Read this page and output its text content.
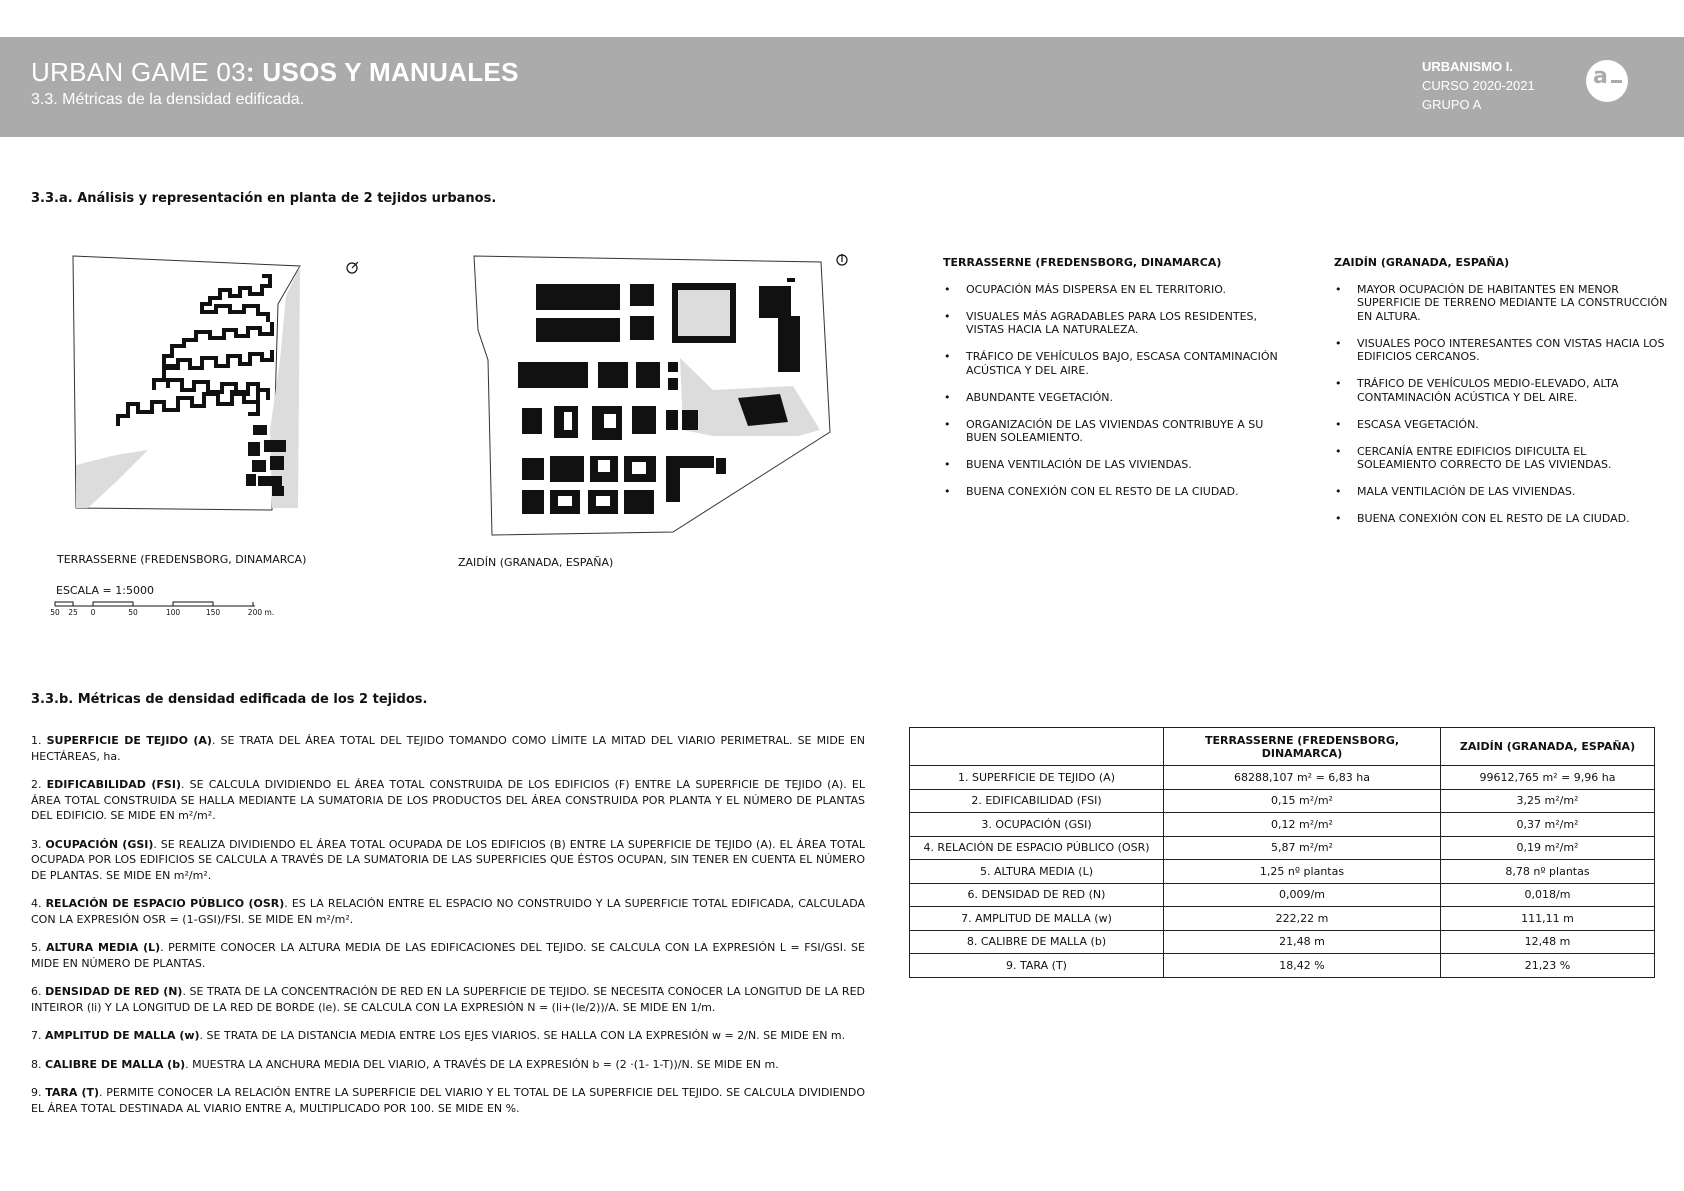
URBAN GAME 03: USOS Y MANUALES
3.3. Métricas de la densidad edificada.
URBANISMO I.
CURSO 2020-2021
GRUPO A
a
3.3.a. Análisis y representación en planta de 2 tejidos urbanos.
TERRASSERNE (FREDENSBORG, DINAMARCA)	ZAIDÍN (GRANADA, ESPAÑA)
ESCALA = 1:5000
50 25 0	50	100	150	200 m.
TERRASSERNE (FREDENSBORG, DINAMARCA)
• OCUPACIÓN MÁS DISPERSA EN EL TERRITORIO.
• VISUALES MÁS AGRADABLES PARA LOS RESIDENTES, VISTAS HACIA LA NATURALEZA.
• TRÁFICO DE VEHÍCULOS BAJO, ESCASA CONTAMINACIÓN ACÚSTICA Y DEL AIRE.
• ABUNDANTE VEGETACIÓN.
• ORGANIZACIÓN DE LAS VIVIENDAS CONTRIBUYE A SU BUEN SOLEAMIENTO.
• BUENA VENTILACIÓN DE LAS VIVIENDAS.
• BUENA CONEXIÓN CON EL RESTO DE LA CIUDAD.
ZAIDÍN (GRANADA, ESPAÑA)
• MAYOR OCUPACIÓN DE HABITANTES EN MENOR SUPERFICIE DE TERRENO MEDIANTE LA CONSTRUCCIÓN EN ALTURA.
• VISUALES POCO INTERESANTES CON VISTAS HACIA LOS EDIFICIOS CERCANOS.
• TRÁFICO DE VEHÍCULOS MEDIO-ELEVADO, ALTA CONTAMINACIÓN ACÚSTICA Y DEL AIRE.
• ESCASA VEGETACIÓN.
• CERCANÍA ENTRE EDIFICIOS DIFICULTA EL SOLEAMIENTO CORRECTO DE LAS VIVIENDAS.
• MALA VENTILACIÓN DE LAS VIVIENDAS.
• BUENA CONEXIÓN CON EL RESTO DE LA CIUDAD.
3.3.b. Métricas de densidad edificada de los 2 tejidos.

1. SUPERFICIE DE TEJIDO (A). SE TRATA DEL ÁREA TOTAL DEL TEJIDO TOMANDO COMO LÍMITE LA MITAD DEL VIARIO PERIMETRAL. SE MIDE EN HECTÁREAS, ha.

2. EDIFICABILIDAD (FSI). SE CALCULA DIVIDIENDO EL ÁREA TOTAL CONSTRUIDA DE LOS EDIFICIOS (F) ENTRE LA SUPERFICIE DE TEJIDO (A). EL ÁREA TOTAL CONSTRUIDA SE HALLA MEDIANTE LA SUMATORIA DE LOS PRODUCTOS DEL ÁREA CONSTRUIDA POR PLANTA Y EL NÚMERO DE PLANTAS DEL EDIFICIO. SE MIDE EN m²/m².

3. OCUPACIÓN (GSI). SE REALIZA DIVIDIENDO EL ÁREA TOTAL OCUPADA DE LOS EDIFICIOS (B) ENTRE LA SUPERFICIE DE TEJIDO (A). EL ÁREA TOTAL OCUPADA POR LOS EDIFICIOS SE CALCULA A TRAVÉS DE LA SUMATORIA DE LAS SUPERFICIES QUE ÉSTOS OCUPAN, SIN TENER EN CUENTA EL NÚMERO DE PLANTAS. SE MIDE EN m²/m².

4. RELACIÓN DE ESPACIO PÚBLICO (OSR). ES LA RELACIÓN ENTRE EL ESPACIO NO CONSTRUIDO Y LA SUPERFICIE TOTAL EDIFICADA, CALCULADA CON LA EXPRESIÓN OSR = (1-GSI)/FSI. SE MIDE EN m²/m².

5. ALTURA MEDIA (L). PERMITE CONOCER LA ALTURA MEDIA DE LAS EDIFICACIONES DEL TEJIDO. SE CALCULA CON LA EXPRESIÓN L = FSI/GSI. SE MIDE EN NÚMERO DE PLANTAS.

6. DENSIDAD DE RED (N). SE TRATA DE LA CONCENTRACIÓN DE RED EN LA SUPERFICIE DE TEJIDO. SE NECESITA CONOCER LA LONGITUD DE LA RED INTEIROR (li) Y LA LONGITUD DE LA RED DE BORDE (le). SE CALCULA CON LA EXPRESIÓN N = (li+(le/2))/A. SE MIDE EN 1/m.

7. AMPLITUD DE MALLA (w). SE TRATA DE LA DISTANCIA MEDIA ENTRE LOS EJES VIARIOS. SE HALLA CON LA EXPRESIÓN w = 2/N. SE MIDE EN m.

8. CALIBRE DE MALLA (b). MUESTRA LA ANCHURA MEDIA DEL VIARIO, A TRAVÉS DE LA EXPRESIÓN b = (2 ·(1- 1-T))/N. SE MIDE EN m.

9. TARA (T). PERMITE CONOCER LA RELACIÓN ENTRE LA SUPERFICIE DEL VIARIO Y EL TOTAL DE LA SUPERFICIE DEL TEJIDO. SE CALCULA DIVIDIENDO EL ÁREA TOTAL DESTINADA AL VIARIO ENTRE A, MULTIPLICADO POR 100. SE MIDE EN %.

	TERRASSERNE (FREDENSBORG, DINAMARCA)	ZAIDÍN (GRANADA, ESPAÑA)
1. SUPERFICIE DE TEJIDO (A)	68288,107 m² = 6,83 ha	99612,765 m² = 9,96 ha
2. EDIFICABILIDAD (FSI)	0,15 m²/m²	3,25 m²/m²
3. OCUPACIÓN (GSI)	0,12 m²/m²	0,37 m²/m²
4. RELACIÓN DE ESPACIO PÚBLICO (OSR)	5,87 m²/m²	0,19 m²/m²
5. ALTURA MEDIA (L)	1,25 nº plantas	8,78 nº plantas
6. DENSIDAD DE RED (N)	0,009/m	0,018/m
7. AMPLITUD DE MALLA (w)	222,22 m	111,11 m
8. CALIBRE DE MALLA (b)	21,48 m	12,48 m
9. TARA (T)	18,42 %	21,23 %
